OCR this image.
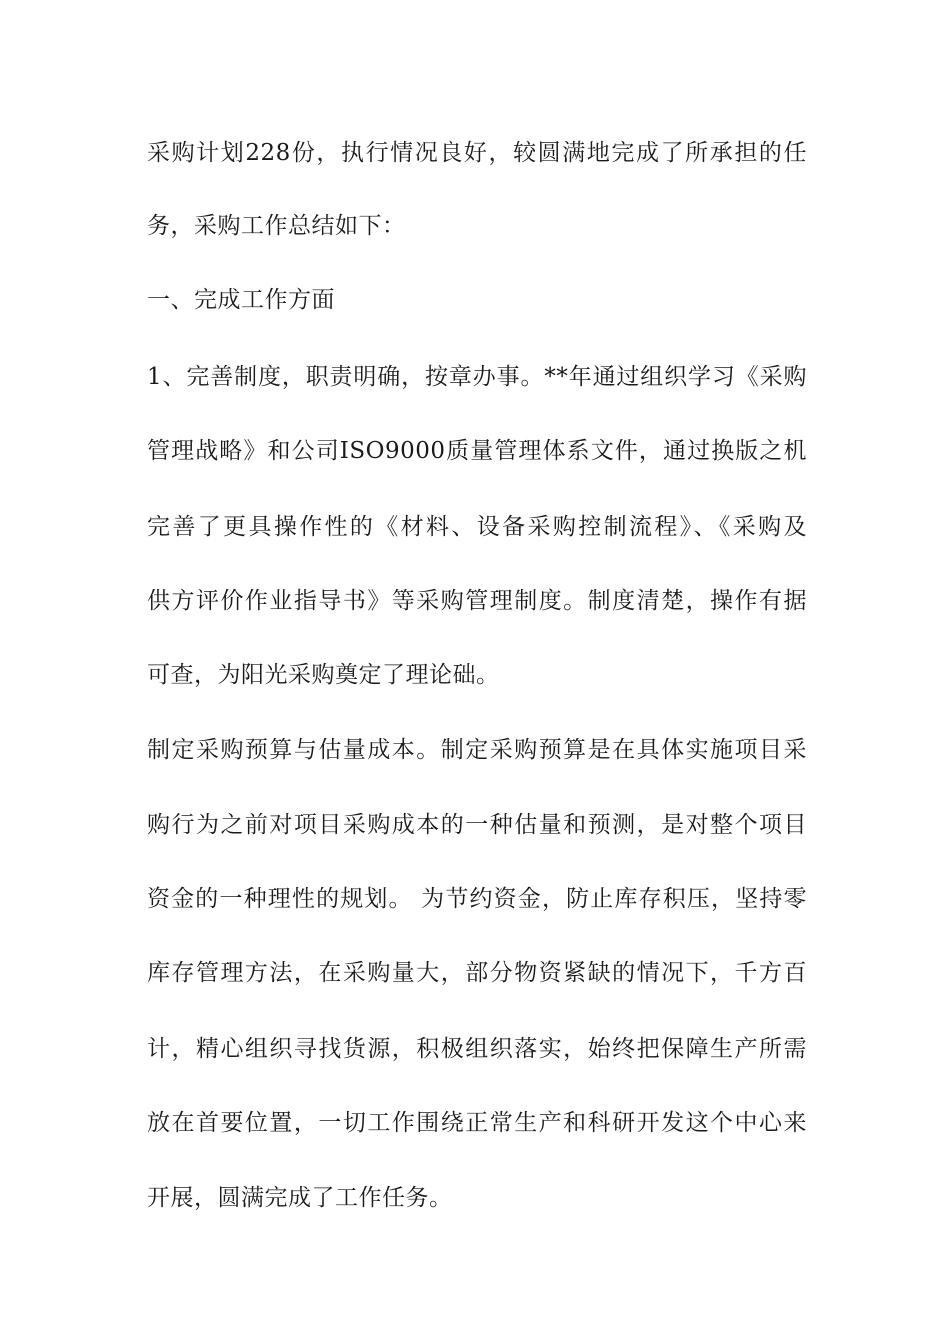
采购计划228份，执行情况良好，较圆满地完成了所承担的任
务，采购工作总结如下：
一、完成工作方面
1、完善制度，职责明确，按章办事。**年通过组织学习《采购
管理战略》和公司ISO9000质量管理体系文件，通过换版之机
完善了更具操作性的《材料、设备采购控制流程》、《采购及
供方评价作业指导书》等采购管理制度。制度清楚，操作有据
可查，为阳光采购奠定了理论础。
制定采购预算与估量成本。制定采购预算是在具体实施项目采
购行为之前对项目采购成本的一种估量和预测，是对整个项目
资金的一种理性的规划。 为节约资金，防止库存积压，坚持零
库存管理方法，在采购量大，部分物资紧缺的情况下，千方百
计，精心组织寻找货源，积极组织落实，始终把保障生产所需
放在首要位置，一切工作围绕正常生产和科研开发这个中心来
开展，圆满完成了工作任务。
